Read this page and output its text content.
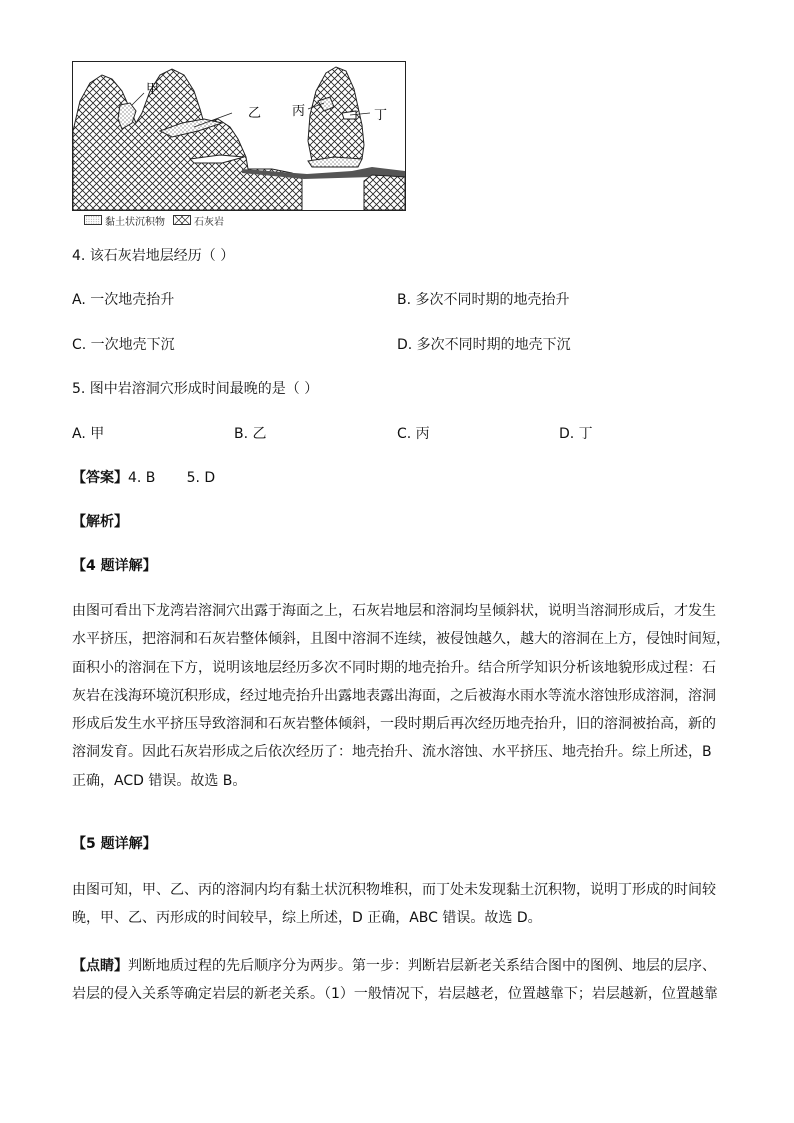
甲
乙 丙	丁
黏土状沉积物	石灰岩
4. 该石灰岩地层经历（ ）
A. 一次地壳抬升	B. 多次不同时期的地壳抬升
C. 一次地壳下沉	D. 多次不同时期的地壳下沉
5. 图中岩溶洞穴形成时间最晚的是（ ）
A. 甲	B. 乙	C. 丙	D. 丁
【答案】4. B       5. D
【解析】
【4 题详解】
由图可看出下龙湾岩溶洞穴出露于海面之上，石灰岩地层和溶洞均呈倾斜状，说明当溶洞形成后，才发生
水平挤压，把溶洞和石灰岩整体倾斜，且图中溶洞不连续，被侵蚀越久，越大的溶洞在上方，侵蚀时间短，
面积小的溶洞在下方，说明该地层经历多次不同时期的地壳抬升。结合所学知识分析该地貌形成过程：石
灰岩在浅海环境沉积形成，经过地壳抬升出露地表露出海面，之后被海水雨水等流水溶蚀形成溶洞，溶洞
形成后发生水平挤压导致溶洞和石灰岩整体倾斜，一段时期后再次经历地壳抬升，旧的溶洞被抬高，新的
溶洞发育。因此石灰岩形成之后依次经历了：地壳抬升、流水溶蚀、水平挤压、地壳抬升。综上所述，B
正确，ACD 错误。故选 B。
【5 题详解】
由图可知，甲、乙、丙的溶洞内均有黏土状沉积物堆积，而丁处未发现黏土沉积物，说明丁形成的时间较
晚，甲、乙、丙形成的时间较早，综上所述，D 正确，ABC 错误。故选 D。
【点睛】判断地质过程的先后顺序分为两步。第一步：判断岩层新老关系结合图中的图例、地层的层序、
岩层的侵入关系等确定岩层的新老关系。（1）一般情况下，岩层越老，位置越靠下；岩层越新，位置越靠
